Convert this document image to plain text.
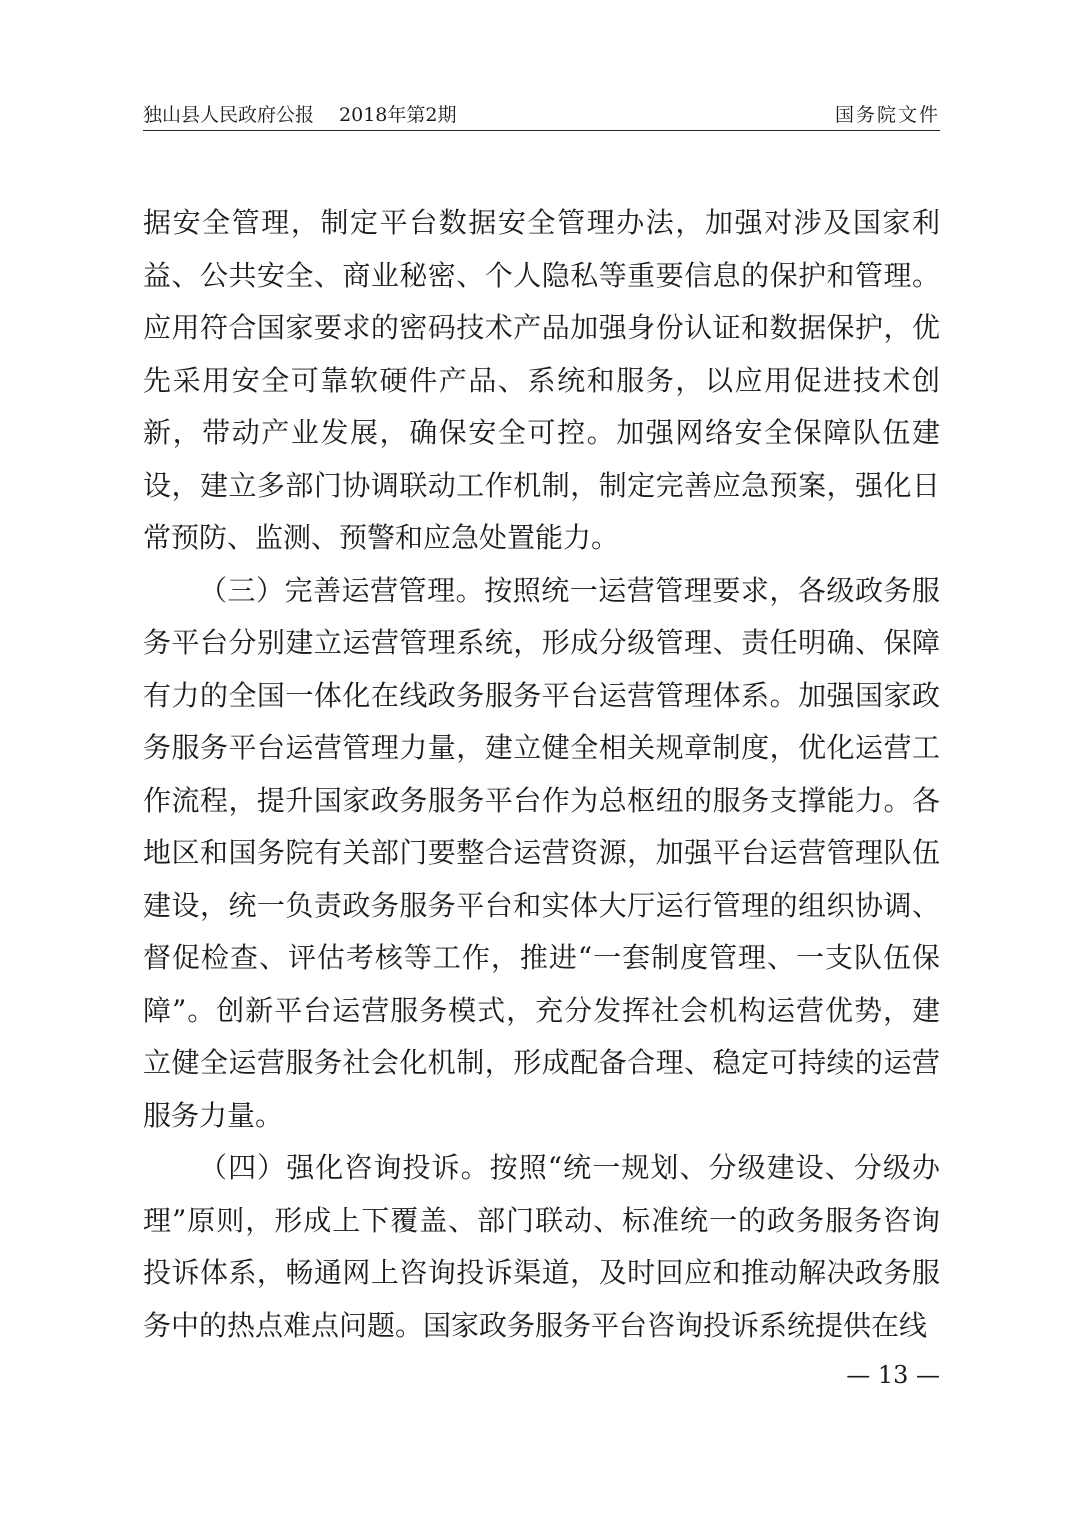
独山县人民政府公报　 2018年第2期	国务院文件

据安全管理，制定平台数据安全管理办法，加强对涉及国家利益、公共安全、商业秘密、个人隐私等重要信息的保护和管理。应用符合国家要求的密码技术产品加强身份认证和数据保护，优先采用安全可靠软硬件产品、系统和服务，以应用促进技术创新，带动产业发展，确保安全可控。加强网络安全保障队伍建设，建立多部门协调联动工作机制，制定完善应急预案，强化日常预防、监测、预警和应急处置能力。

（三）完善运营管理。按照统一运营管理要求，各级政务服务平台分别建立运营管理系统，形成分级管理、责任明确、保障有力的全国一体化在线政务服务平台运营管理体系。加强国家政务服务平台运营管理力量，建立健全相关规章制度，优化运营工作流程，提升国家政务服务平台作为总枢纽的服务支撑能力。各地区和国务院有关部门要整合运营资源，加强平台运营管理队伍建设，统一负责政务服务平台和实体大厅运行管理的组织协调、督促检查、评估考核等工作，推进“一套制度管理、一支队伍保障”。创新平台运营服务模式，充分发挥社会机构运营优势，建立健全运营服务社会化机制，形成配备合理、稳定可持续的运营服务力量。

（四）强化咨询投诉。按照“统一规划、分级建设、分级办理”原则，形成上下覆盖、部门联动、标准统一的政务服务咨询投诉体系，畅通网上咨询投诉渠道，及时回应和推动解决政务服务中的热点难点问题。国家政务服务平台咨询投诉系统提供在线

— 13 —
